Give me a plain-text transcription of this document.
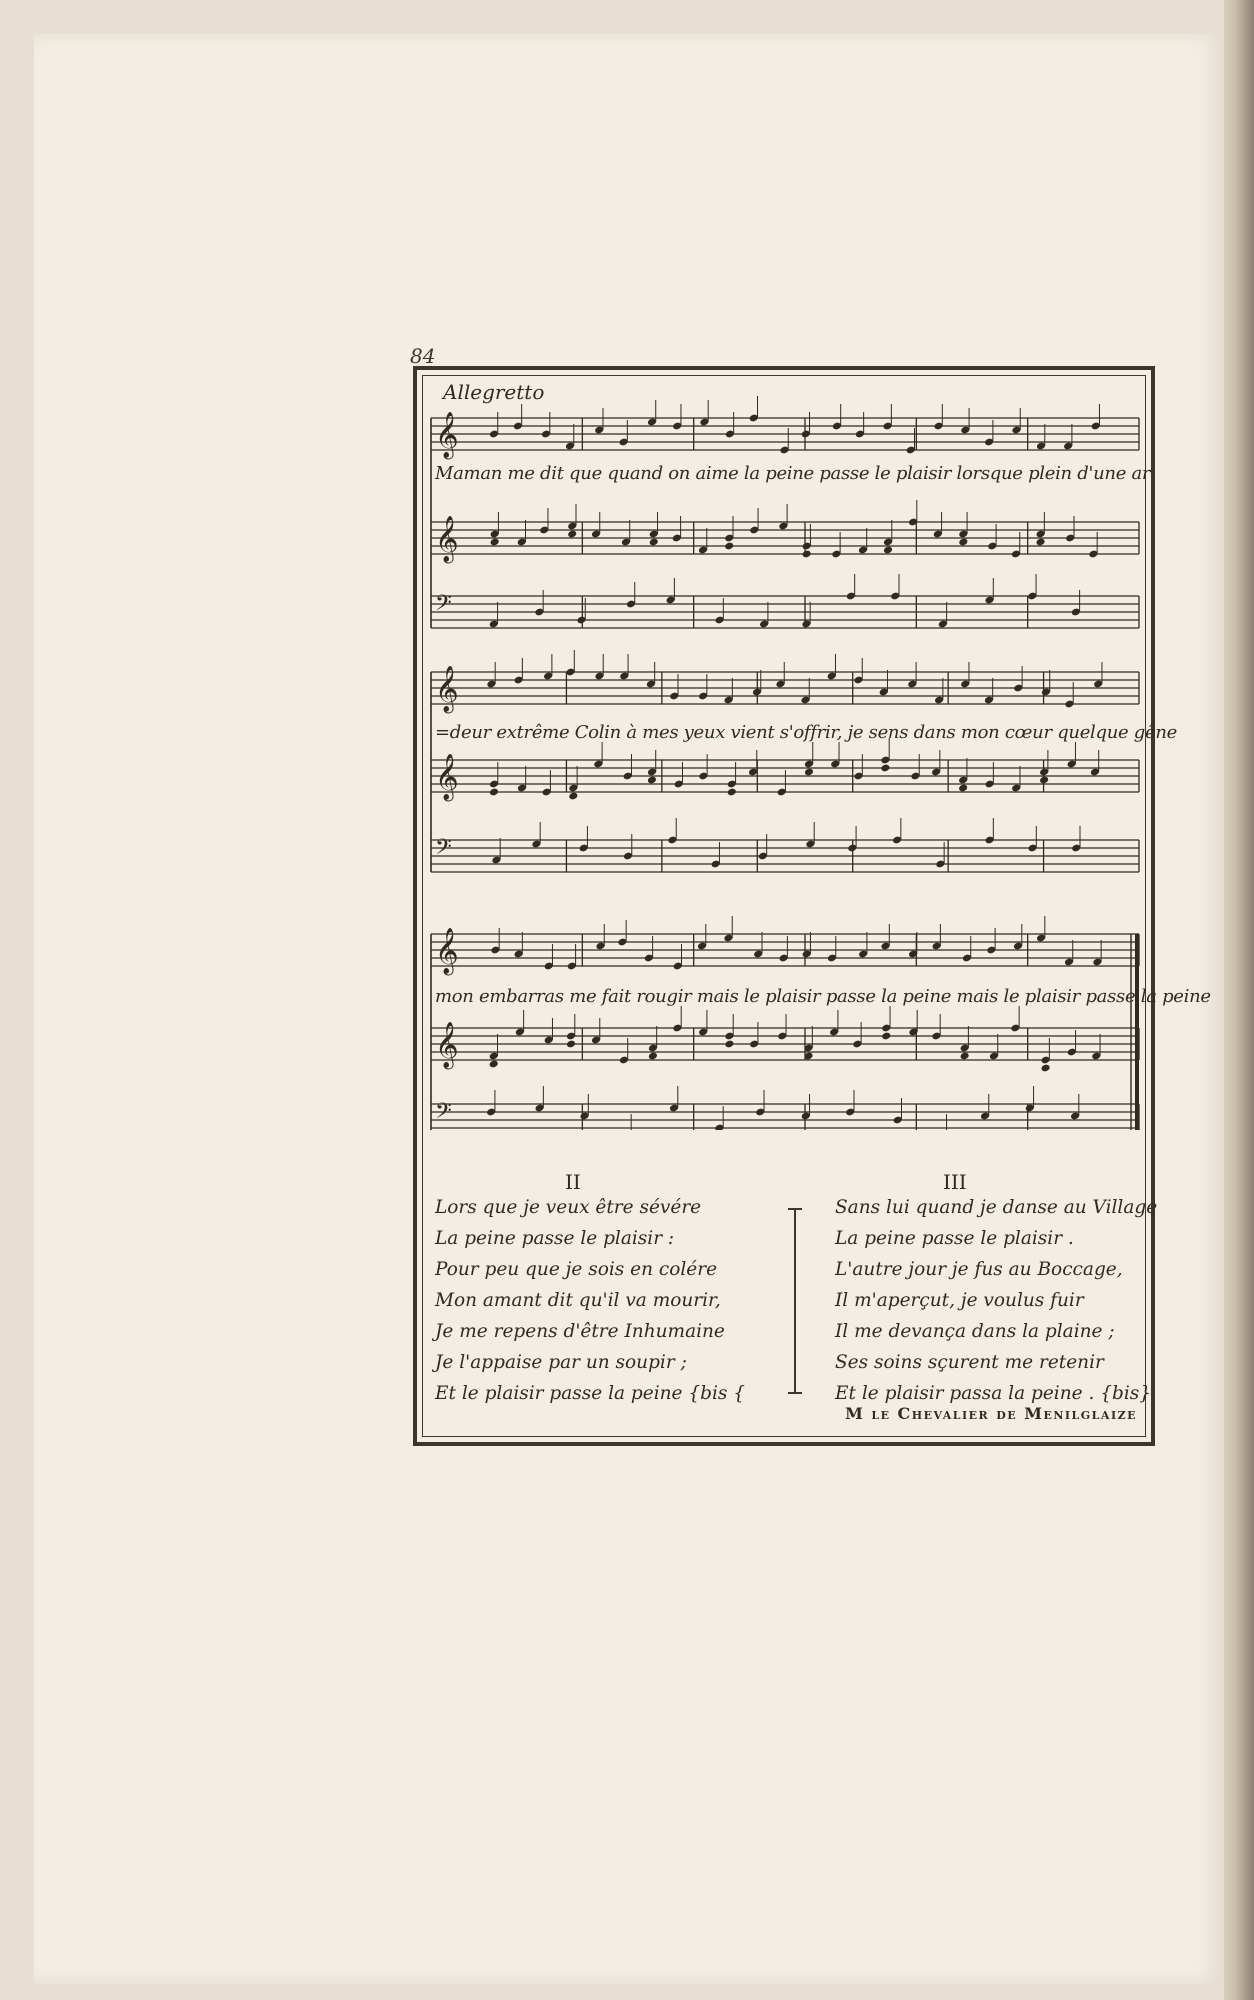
84
𝄞
𝄞
𝄢
𝄞
𝄞
𝄢
𝄞
𝄞
𝄢
Allegretto
Maman me dit que quand on aime la peine passe le plaisir lorsque plein d'une ar
=deur extrême Colin à mes yeux vient s'offrir, je sens dans mon cœur quelque gêne
mon embarras me fait rougir mais le plaisir passe la peine mais le plaisir passe la peine
II
Lors que je veux être sévére
La peine passe le plaisir :
Pour peu que je sois en colére
Mon amant dit qu'il va mourir,
Je me repens d'être Inhumaine
Je l'appaise par un soupir ;
Et le plaisir passe la peine {bis {
III
Sans lui quand je danse au Village
La peine passe le plaisir .
L'autre jour je fus au Boccage,
Il m'aperçut, je voulus fuir
Il me devança dans la plaine ;
Ses soins sçurent me retenir
Et le plaisir passa la peine . {bis}
M le Chevalier de Menilglaize
